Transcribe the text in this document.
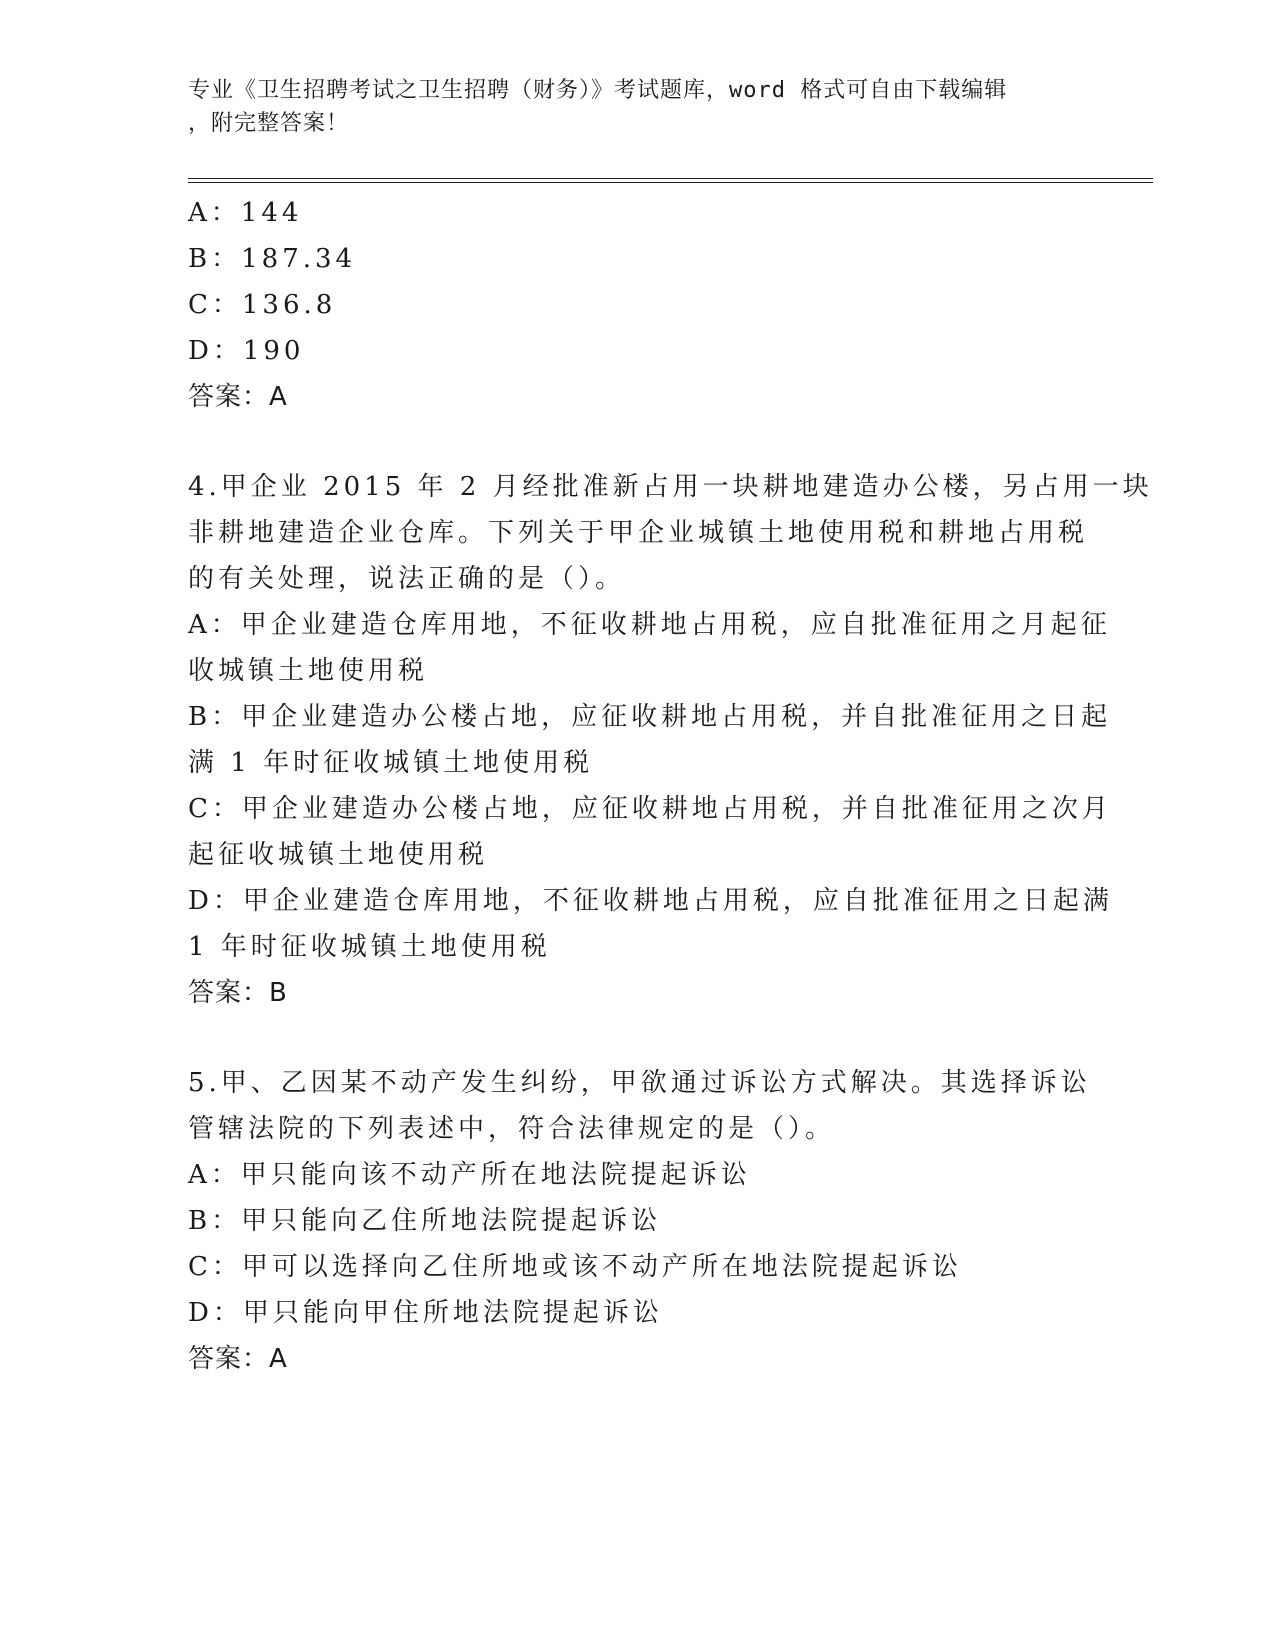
专业《卫生招聘考试之卫生招聘（财务）》考试题库，word 格式可自由下载编辑
，附完整答案！
A：144
B：187.34
C：136.8
D：190
答案：A
4.甲企业 2015 年 2 月经批准新占用一块耕地建造办公楼，另占用一块
非耕地建造企业仓库。下列关于甲企业城镇土地使用税和耕地占用税
的有关处理，说法正确的是（）。
A：甲企业建造仓库用地，不征收耕地占用税，应自批准征用之月起征
收城镇土地使用税
B：甲企业建造办公楼占地，应征收耕地占用税，并自批准征用之日起
满 1 年时征收城镇土地使用税
C：甲企业建造办公楼占地，应征收耕地占用税，并自批准征用之次月
起征收城镇土地使用税
D：甲企业建造仓库用地，不征收耕地占用税，应自批准征用之日起满
1 年时征收城镇土地使用税
答案：B
5.甲、乙因某不动产发生纠纷，甲欲通过诉讼方式解决。其选择诉讼
管辖法院的下列表述中，符合法律规定的是（）。
A：甲只能向该不动产所在地法院提起诉讼
B：甲只能向乙住所地法院提起诉讼
C：甲可以选择向乙住所地或该不动产所在地法院提起诉讼
D：甲只能向甲住所地法院提起诉讼
答案：A
